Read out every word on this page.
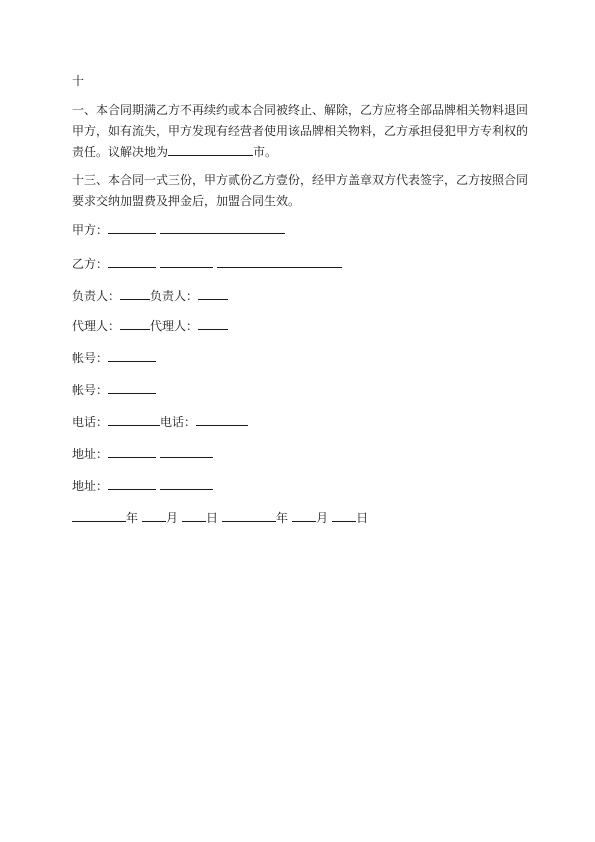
十
一、本合同期满乙方不再续约或本合同被终止、解除，乙方应将全部品牌相关物料退回甲方，如有流失，甲方发现有经营者使用该品牌相关物料，乙方承担侵犯甲方专利权的责任。议解决地为	市。
十三、本合同一式三份，甲方贰份乙方壹份，经甲方盖章双方代表签字，乙方按照合同要求交纳加盟费及押金后，加盟合同生效。
甲方：
乙方：
负责人：	负责人：
代理人：	代理人：
帐号：
帐号：
电话：	电话：
地址：
地址：
年 月 日	年 月 日
